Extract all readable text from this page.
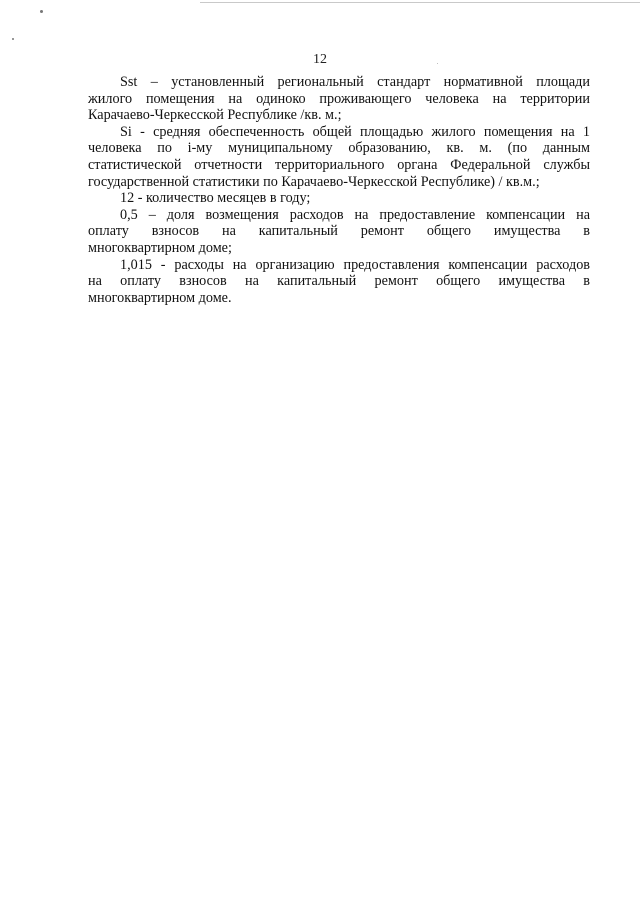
12

Sst – установленный региональный стандарт нормативной площади
жилого помещения на одиноко проживающего человека на территории
Карачаево-Черкесской Республике /кв. м.;

Si - средняя обеспеченность общей площадью жилого помещения на 1
человека по i-му муниципальному образованию, кв. м. (по данным
статистической отчетности территориального органа Федеральной службы
государственной статистики по Карачаево-Черкесской Республике) / кв.м.;

12 - количество месяцев в году;

0,5 – доля возмещения расходов на предоставление компенсации на
оплату взносов на капитальный ремонт общего имущества в
многоквартирном доме;

1,015 - расходы на организацию предоставления компенсации расходов
на оплату взносов на капитальный ремонт общего имущества в
многоквартирном доме.
